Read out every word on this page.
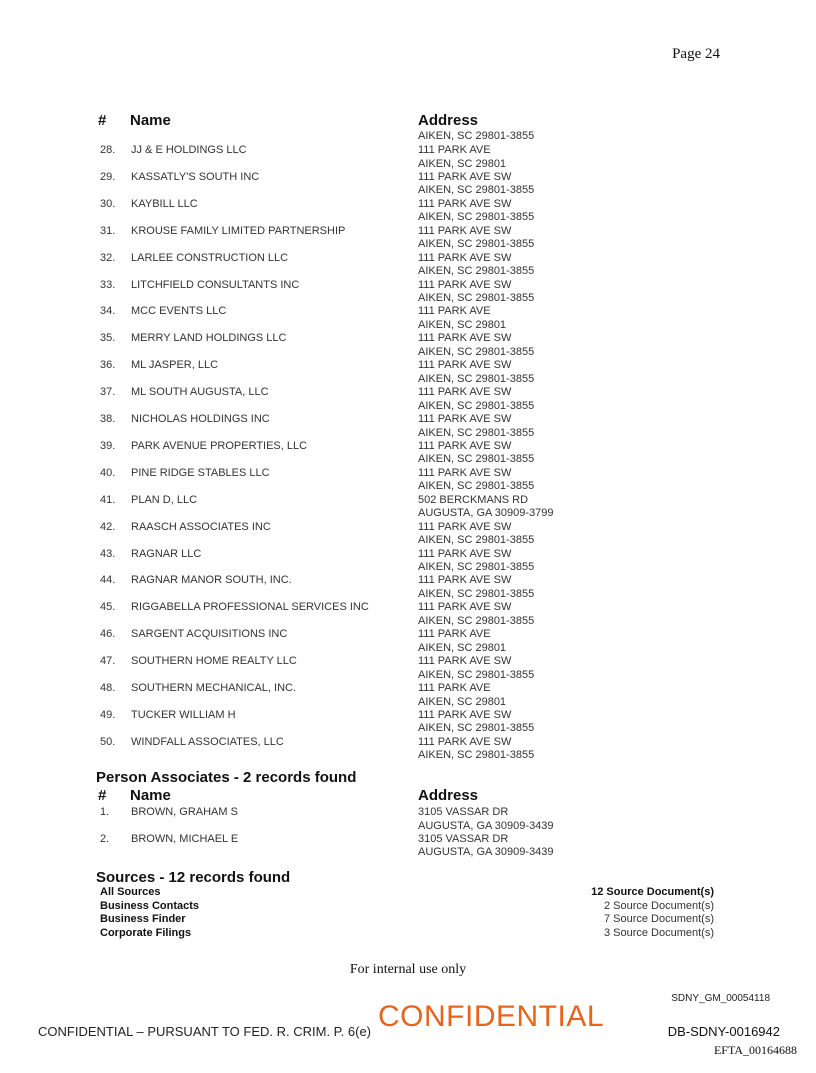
Page 24
# Name	Address
AIKEN, SC 29801-3855
28. JJ & E HOLDINGS LLC	111 PARK AVE
AIKEN, SC 29801
29. KASSATLY'S SOUTH INC	111 PARK AVE SW
AIKEN, SC 29801-3855
30. KAYBILL LLC	111 PARK AVE SW
AIKEN, SC 29801-3855
31. KROUSE FAMILY LIMITED PARTNERSHIP	111 PARK AVE SW
AIKEN, SC 29801-3855
32. LARLEE CONSTRUCTION LLC	111 PARK AVE SW
AIKEN, SC 29801-3855
33. LITCHFIELD CONSULTANTS INC	111 PARK AVE SW
AIKEN, SC 29801-3855
34. MCC EVENTS LLC	111 PARK AVE
AIKEN, SC 29801
35. MERRY LAND HOLDINGS LLC	111 PARK AVE SW
AIKEN, SC 29801-3855
36. ML JASPER, LLC	111 PARK AVE SW
AIKEN, SC 29801-3855
37. ML SOUTH AUGUSTA, LLC	111 PARK AVE SW
AIKEN, SC 29801-3855
38. NICHOLAS HOLDINGS INC	111 PARK AVE SW
AIKEN, SC 29801-3855
39. PARK AVENUE PROPERTIES, LLC	111 PARK AVE SW
AIKEN, SC 29801-3855
40. PINE RIDGE STABLES LLC	111 PARK AVE SW
AIKEN, SC 29801-3855
41. PLAN D, LLC	502 BERCKMANS RD
AUGUSTA, GA 30909-3799
42. RAASCH ASSOCIATES INC	111 PARK AVE SW
AIKEN, SC 29801-3855
43. RAGNAR LLC	111 PARK AVE SW
AIKEN, SC 29801-3855
44. RAGNAR MANOR SOUTH, INC.	111 PARK AVE SW
AIKEN, SC 29801-3855
45. RIGGABELLA PROFESSIONAL SERVICES INC	111 PARK AVE SW
AIKEN, SC 29801-3855
46. SARGENT ACQUISITIONS INC	111 PARK AVE
AIKEN, SC 29801
47. SOUTHERN HOME REALTY LLC	111 PARK AVE SW
AIKEN, SC 29801-3855
48. SOUTHERN MECHANICAL, INC.	111 PARK AVE
AIKEN, SC 29801
49. TUCKER WILLIAM H	111 PARK AVE SW
AIKEN, SC 29801-3855
50. WINDFALL ASSOCIATES, LLC	111 PARK AVE SW
AIKEN, SC 29801-3855
Person Associates - 2 records found
# Name	Address
1. BROWN, GRAHAM S	3105 VASSAR DR
AUGUSTA, GA 30909-3439
2. BROWN, MICHAEL E	3105 VASSAR DR
AUGUSTA, GA 30909-3439
Sources - 12 records found
All Sources	12 Source Document(s)
Business Contacts	2 Source Document(s)
Business Finder	7 Source Document(s)
Corporate Filings	3 Source Document(s)
For internal use only
SDNY_GM_00054118
CONFIDENTIAL – PURSUANT TO FED. R. CRIM. P. 6(e) CONFIDENTIAL	DB-SDNY-0016942
EFTA_00164688
